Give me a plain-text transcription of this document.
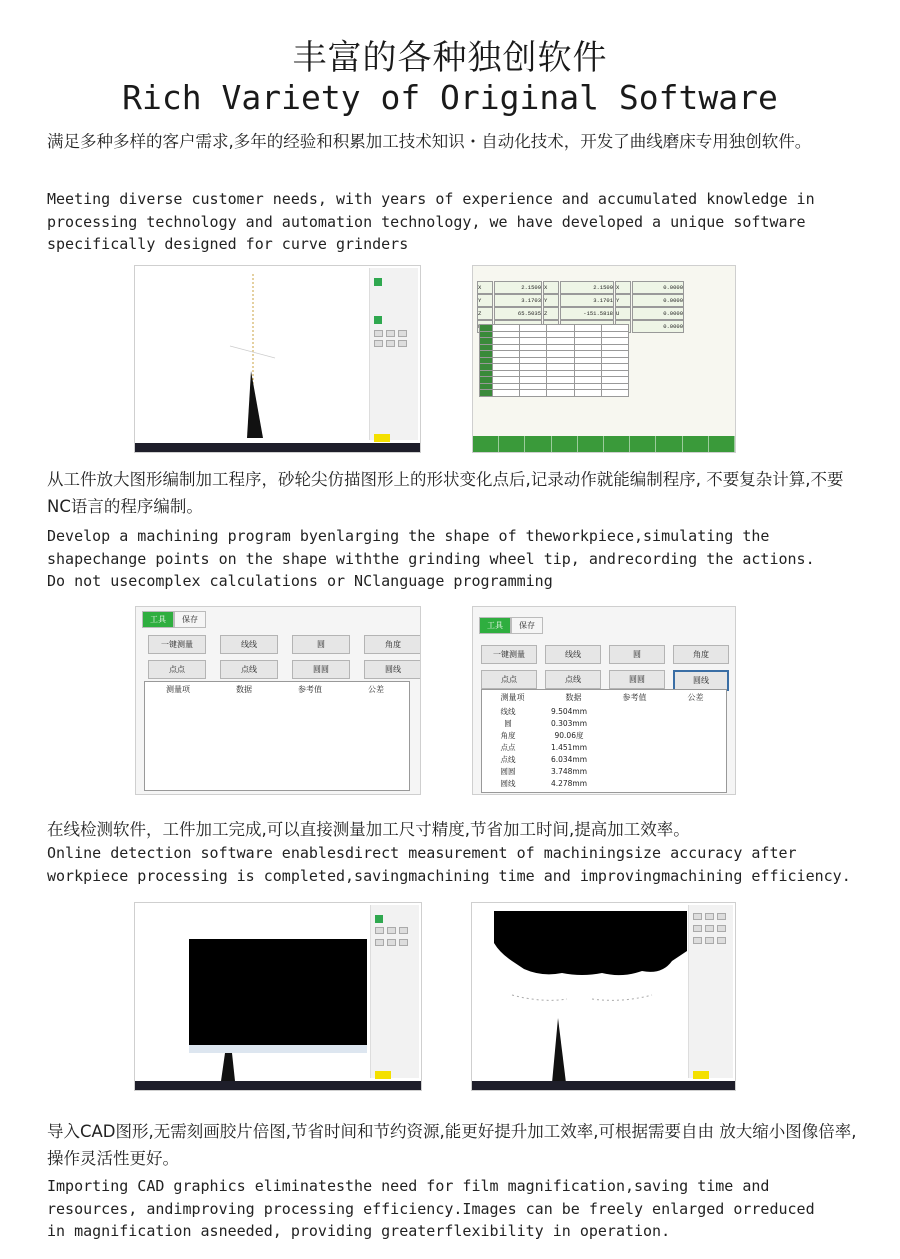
丰富的各种独创软件
Rich Variety of Original Software
满足多种多样的客户需求,多年的经验和积累加工技术知识・自动化技术，开发了曲线磨床专用独创软件。
Meeting diverse customer needs, with years of experience and accumulated knowledge in
processing technology and automation technology, we have developed a unique software
specifically designed for curve grinders
X	2.1509 X	2.1509 X	0.0000
Y	3.1703 Y	3.1701 Y	0.0000
Z	65.5035 Z	-151.5818 U	0.0000
0.0000

从工件放大图形编制加工程序，砂轮尖仿描图形上的形状变化点后,记录动作就能编制程序, 不要复杂计算,不要NC语言的程序编制。
Develop a machining program byenlarging the shape of theworkpiece,simulating the
shapechange points on the shape withthe grinding wheel tip, andrecording the actions.
Do not usecomplex calculations or NClanguage programming
工具	保存
一键测量	线线	圆	角度
点点	点线	圆圆	圆线
测量项	数据	参考值	公差
工具	保存
一键测量	线线	圆	角度
点点	点线	圆圆	圆线
测量项	数据	参考值	公差
线线	9.504mm
圆	0.303mm
角度	90.06度
点点	1.451mm
点线	6.034mm
圆圆	3.748mm
圆线	4.278mm
在线检测软件，工件加工完成,可以直接测量加工尺寸精度,节省加工时间,提高加工效率。
Online detection software enablesdirect measurement of machiningsize accuracy after
workpiece processing is completed,savingmachining time and improvingmachining efficiency.
导入CAD图形,无需刻画胶片倍图,节省时间和节约资源,能更好提升加工效率,可根据需要自由 放大缩小图像倍率,操作灵活性更好。
Importing CAD graphics eliminatesthe need for film magnification,saving time and
resources, andimproving processing efficiency.Images can be freely enlarged orreduced
in magnification asneeded, providing greaterflexibility in operation.
